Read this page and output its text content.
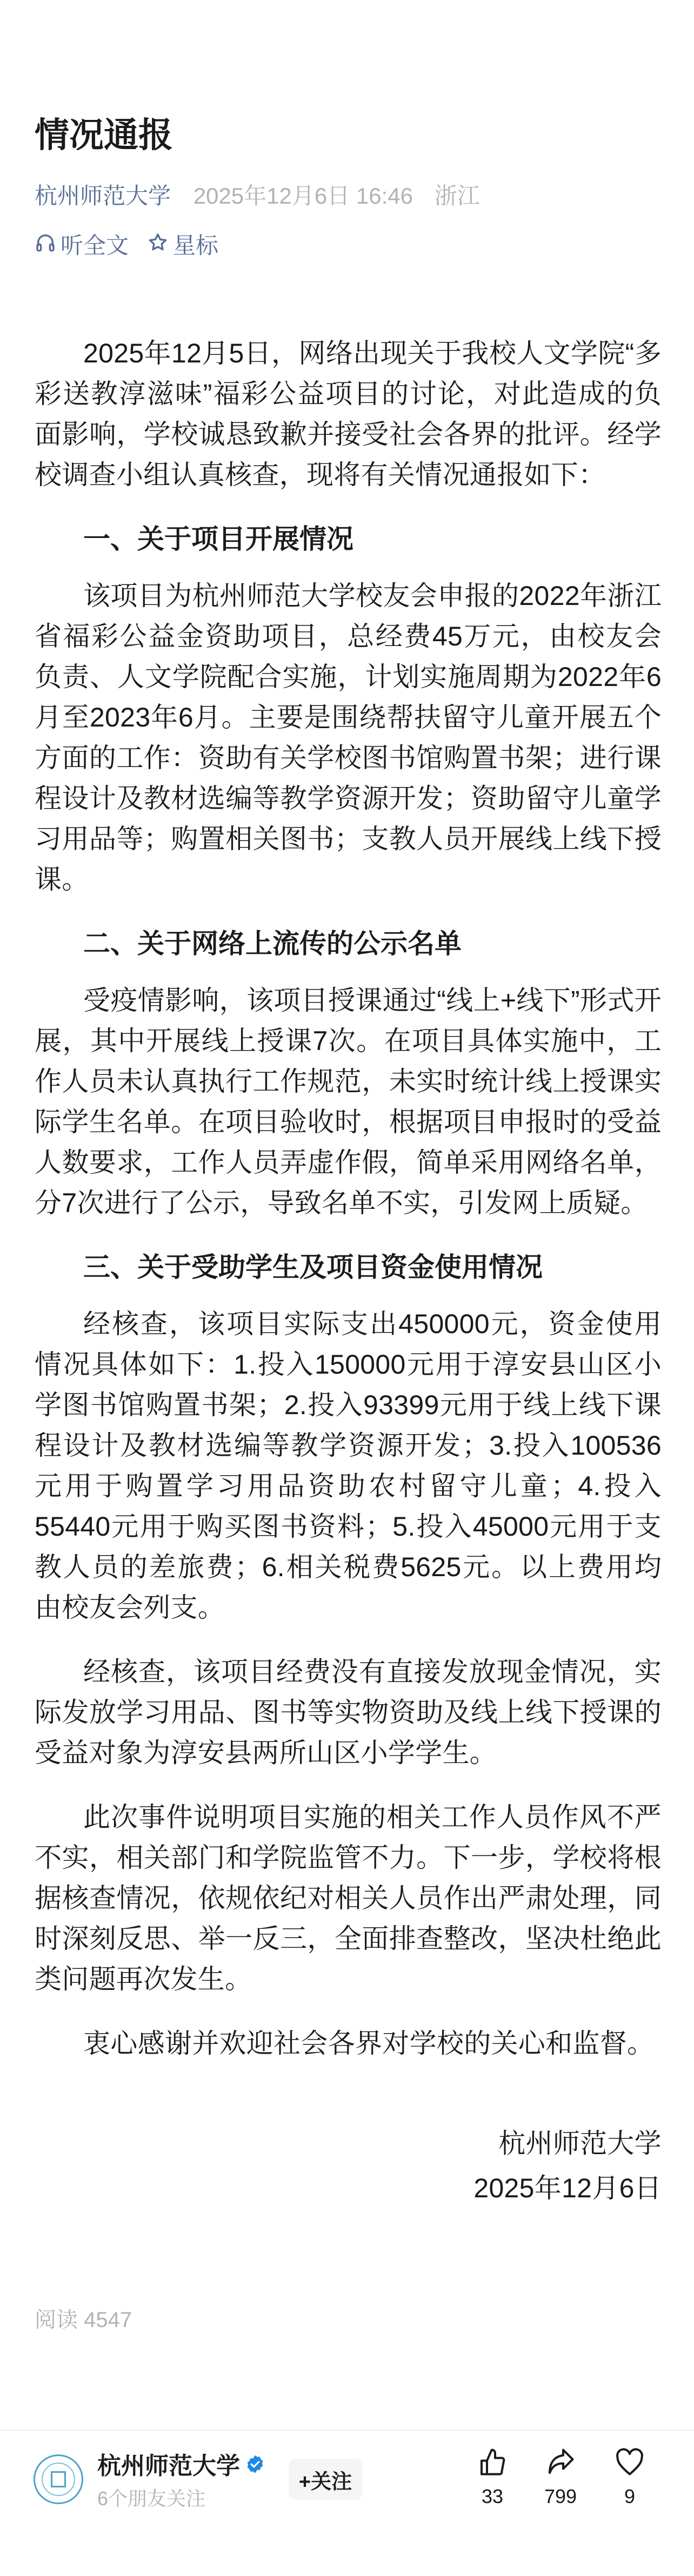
情况通报
杭州师范大学 2025年12月6日 16:46 浙江
听全文 星标

2025年12月5日，网络出现关于我校人文学院“多彩送教淳滋味”福彩公益项目的讨论，对此造成的负面影响，学校诚恳致歉并接受社会各界的批评。经学校调查小组认真核查，现将有关情况通报如下：

一、关于项目开展情况

该项目为杭州师范大学校友会申报的2022年浙江省福彩公益金资助项目，总经费45万元，由校友会负责、人文学院配合实施，计划实施周期为2022年6月至2023年6月。主要是围绕帮扶留守儿童开展五个方面的工作：资助有关学校图书馆购置书架；进行课程设计及教材选编等教学资源开发；资助留守儿童学习用品等；购置相关图书；支教人员开展线上线下授课。

二、关于网络上流传的公示名单

受疫情影响，该项目授课通过“线上+线下”形式开展，其中开展线上授课7次。在项目具体实施中，工作人员未认真执行工作规范，未实时统计线上授课实际学生名单。在项目验收时，根据项目申报时的受益人数要求，工作人员弄虚作假，简单采用网络名单，分7次进行了公示，导致名单不实，引发网上质疑。

三、关于受助学生及项目资金使用情况

经核查，该项目实际支出450000元，资金使用情况具体如下：1.投入150000元用于淳安县山区小学图书馆购置书架；2.投入93399元用于线上线下课程设计及教材选编等教学资源开发；3.投入100536元用于购置学习用品资助农村留守儿童；4.投入55440元用于购买图书资料；5.投入45000元用于支教人员的差旅费；6.相关税费5625元。以上费用均由校友会列支。

经核查，该项目经费没有直接发放现金情况，实际发放学习用品、图书等实物资助及线上线下授课的受益对象为淳安县两所山区小学学生。

此次事件说明项目实施的相关工作人员作风不严不实，相关部门和学院监管不力。下一步，学校将根据核查情况，依规依纪对相关人员作出严肃处理，同时深刻反思、举一反三，全面排查整改，坚决杜绝此类问题再次发生。

衷心感谢并欢迎社会各界对学校的关心和监督。

杭州师范大学

2025年12月6日

阅读 4547
杭州师范大学
6个朋友关注
+关注
33	799	9
